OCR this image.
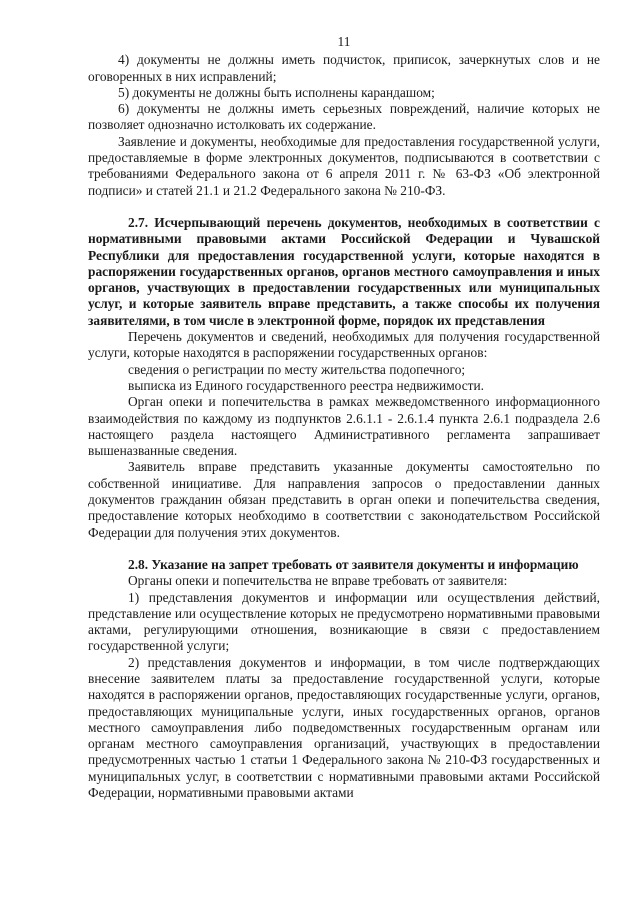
11

4) документы не должны иметь подчисток, приписок, зачеркнутых слов и не оговоренных в них исправлений;

5) документы не должны быть исполнены карандашом;

6) документы не должны иметь серьезных повреждений, наличие которых не позволяет однозначно истолковать их содержание.

Заявление и документы, необходимые для предоставления государственной услуги, предоставляемые в форме электронных документов, подписываются в соответствии с требованиями Федерального закона от 6 апреля 2011 г. № 63-ФЗ «Об электронной подписи» и статей 21.1 и 21.2 Федерального закона № 210-ФЗ.

2.7. Исчерпывающий перечень документов, необходимых в соответствии с нормативными правовыми актами Российской Федерации и Чувашской Республики для предоставления государственной услуги, которые находятся в распоряжении государственных органов, органов местного самоуправления и иных органов, участвующих в предоставлении государственных или муниципальных услуг, и которые заявитель вправе представить, а также способы их получения заявителями, в том числе в электронной форме, порядок их представления

Перечень документов и сведений, необходимых для получения государственной услуги, которые находятся в распоряжении государственных органов:

сведения о регистрации по месту жительства подопечного;

выписка из Единого государственного реестра недвижимости.

Орган опеки и попечительства в рамках межведомственного информационного взаимодействия по каждому из подпунктов 2.6.1.1 - 2.6.1.4 пункта 2.6.1 подраздела 2.6 настоящего раздела настоящего Административного регламента запрашивает вышеназванные сведения.

Заявитель вправе представить указанные документы самостоятельно по собственной инициативе. Для направления запросов о предоставлении данных документов гражданин обязан представить в орган опеки и попечительства сведения, предоставление которых необходимо в соответствии с законодательством Российской Федерации для получения этих документов.

2.8. Указание на запрет требовать от заявителя документы и информацию

Органы опеки и попечительства не вправе требовать от заявителя:

1) представления документов и информации или осуществления действий, представление или осуществление которых не предусмотрено нормативными правовыми актами, регулирующими отношения, возникающие в связи с предоставлением государственной услуги;

2) представления документов и информации, в том числе подтверждающих внесение заявителем платы за предоставление государственной услуги, которые находятся в распоряжении органов, предоставляющих государственные услуги, органов, предоставляющих муниципальные услуги, иных государственных органов, органов местного самоуправления либо подведомственных государственным органам или органам местного самоуправления организаций, участвующих в предоставлении предусмотренных частью 1 статьи 1 Федерального закона № 210-ФЗ государственных и муниципальных услуг, в соответствии с нормативными правовыми актами Российской Федерации, нормативными правовыми актами
